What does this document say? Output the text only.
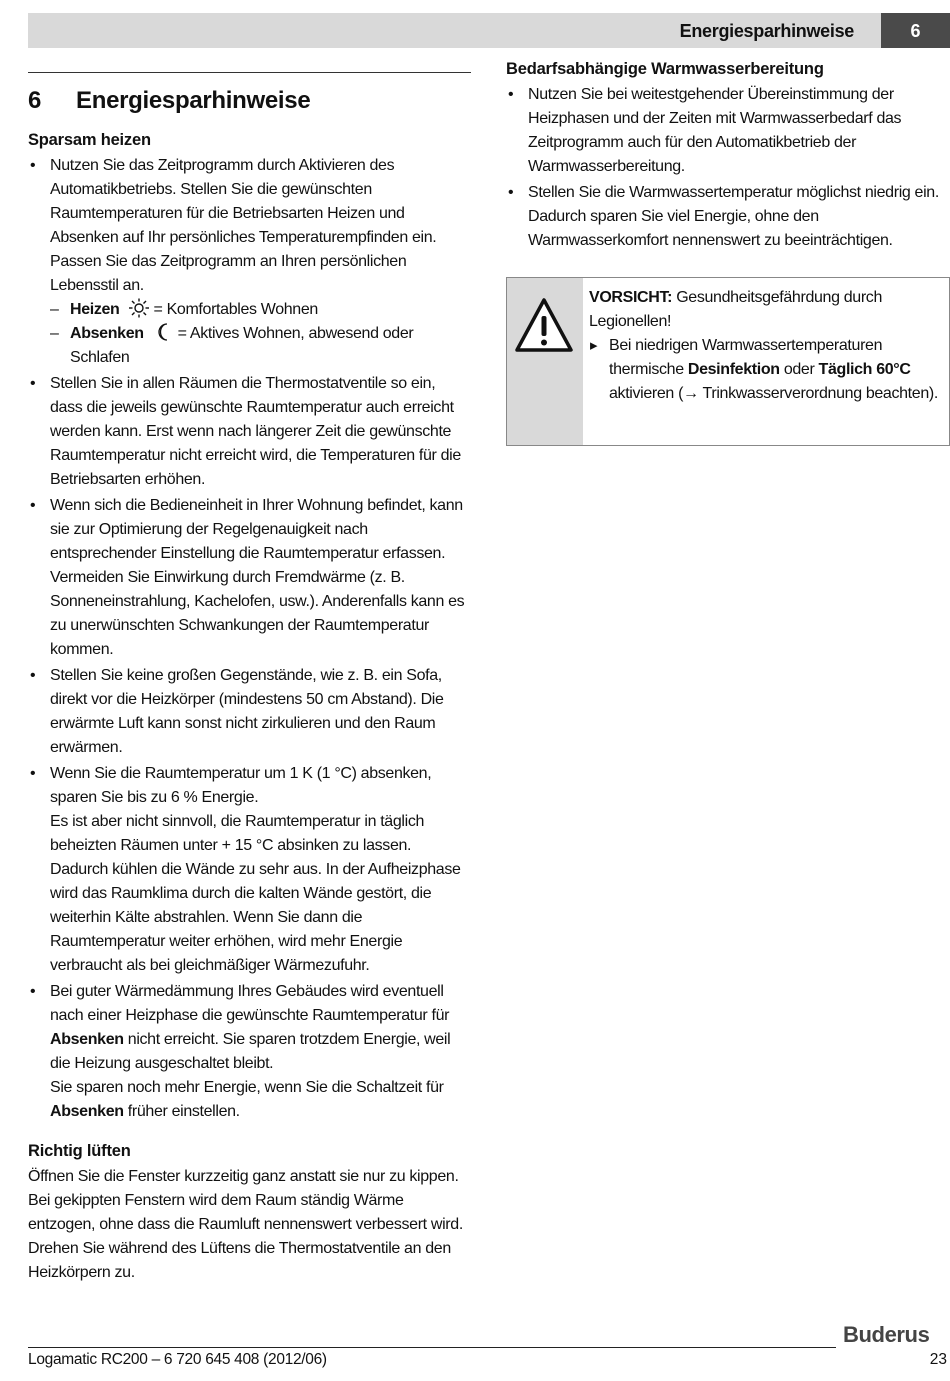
Energiesparhinweise	6
6 Energiesparhinweise
Sparsam heizen

• Nutzen Sie das Zeitprogramm durch Aktivieren des Automatikbetriebs. Stellen Sie die gewünschten Raumtemperaturen für die Betriebsarten Heizen und Absenken auf Ihr persönliches Temperaturempfinden ein. Passen Sie das Zeitprogramm an Ihren persönlichen Lebensstil an.

– Heizen = Komfortables Wohnen
– Absenken = Aktives Wohnen, abwesend oder Schlafen
• Stellen Sie in allen Räumen die Thermostatventile so ein, dass die jeweils gewünschte Raumtemperatur auch erreicht werden kann. Erst wenn nach längerer Zeit die gewünschte Raumtemperatur nicht erreicht wird, die Temperaturen für die Betriebsarten erhöhen.
• Wenn sich die Bedieneinheit in Ihrer Wohnung befindet, kann sie zur Optimierung der Regelgenauigkeit nach entsprechender Einstellung die Raumtemperatur erfassen. Vermeiden Sie Einwirkung durch Fremdwärme (z. B. Sonneneinstrahlung, Kachelofen, usw.). Anderenfalls kann es zu unerwünschten Schwankungen der Raumtemperatur kommen.
• Stellen Sie keine großen Gegenstände, wie z. B. ein Sofa, direkt vor die Heizkörper (mindestens 50 cm Abstand). Die erwärmte Luft kann sonst nicht zirkulieren und den Raum erwärmen.

• Wenn Sie die Raumtemperatur um 1 K (1 °C) absenken, sparen Sie bis zu 6 % Energie.

Es ist aber nicht sinnvoll, die Raumtemperatur in täglich beheizten Räumen unter + 15 °C absinken zu lassen. Dadurch kühlen die Wände zu sehr aus. In der Aufheizphase wird das Raumklima durch die kalten Wände gestört, die weiterhin Kälte abstrahlen. Wenn Sie dann die Raumtemperatur weiter erhöhen, wird mehr Energie verbraucht als bei gleichmäßiger Wärmezufuhr.

• Bei guter Wärmedämmung Ihres Gebäudes wird eventuell nach einer Heizphase die gewünschte Raumtemperatur für Absenken nicht erreicht. Sie sparen trotzdem Energie, weil die Heizung ausgeschaltet bleibt.

Sie sparen noch mehr Energie, wenn Sie die Schaltzeit für Absenken früher einstellen.

Richtig lüften

Öffnen Sie die Fenster kurzzeitig ganz anstatt sie nur zu kippen. Bei gekippten Fenstern wird dem Raum ständig Wärme entzogen, ohne dass die Raumluft nennenswert verbessert wird. Drehen Sie während des Lüftens die Thermostatventile an den Heizkörpern zu.

Bedarfsabhängige Warmwasserbereitung
• Nutzen Sie bei weitestgehender Übereinstimmung der Heizphasen und der Zeiten mit Warmwasserbedarf das Zeitprogramm auch für den Automatikbetrieb der Warmwasserbereitung.
• Stellen Sie die Warmwassertemperatur möglichst niedrig ein. Dadurch sparen Sie viel Energie, ohne den Warmwasserkomfort nennenswert zu beeinträchtigen.

VORSICHT: Gesundheitsgefährdung durch Legionellen!

▸ Bei niedrigen Warmwassertemperaturen thermische Desinfektion oder Täglich 60°C aktivieren (→ Trinkwasserverordnung beachten).
Buderus
Logamatic RC200 – 6 720 645 408 (2012/06)	23
